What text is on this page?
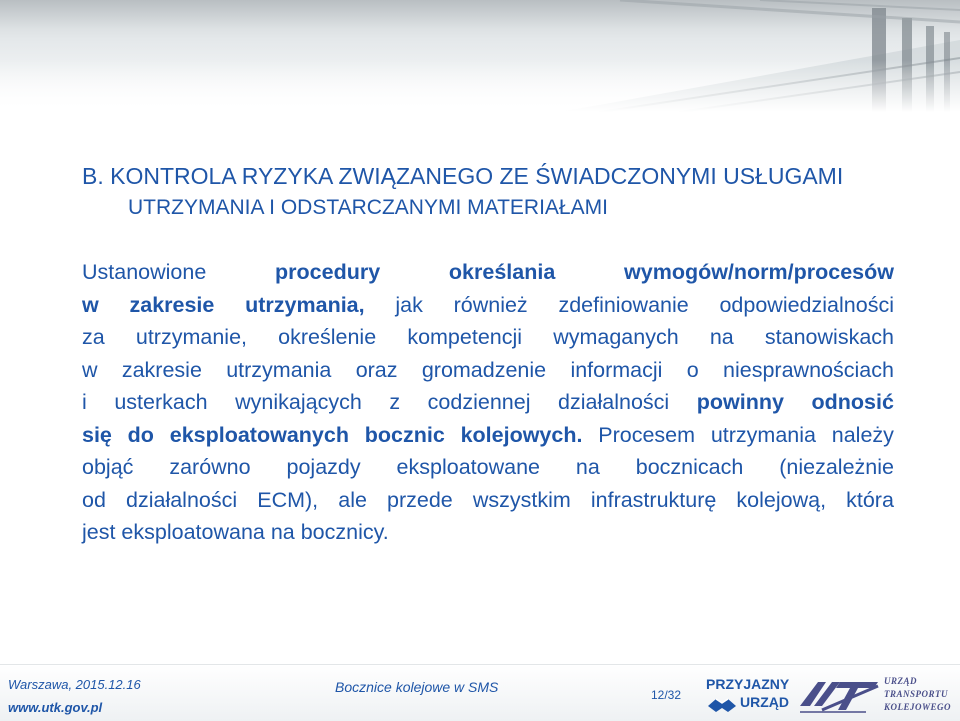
B. KONTROLA RYZYKA ZWIĄZANEGO ZE ŚWIADCZONYMI USŁUGAMI
UTRZYMANIA I ODSTARCZANYMI MATERIAŁAMI
Ustanowione	procedury	określania	wymogów/norm/procesów
w zakresie utrzymania, jak również zdefiniowanie odpowiedzialności
za utrzymanie, określenie kompetencji wymaganych na stanowiskach
w zakresie utrzymania oraz gromadzenie informacji o niesprawnościach
i usterkach wynikających z codziennej działalności powinny odnosić
się do eksploatowanych bocznic kolejowych. Procesem utrzymania należy
objąć zarówno pojazdy eksploatowane na bocznicach (niezależnie
od działalności ECM), ale przede wszystkim infrastrukturę kolejową, która
jest eksploatowana na bocznicy.
Warszawa, 2015.12.16
www.utk.gov.pl
Bocznice kolejowe w SMS	12/32
PRZYJAZNY
URZĄD
URZĄD
TRANSPORTU
KOLEJOWEGO
